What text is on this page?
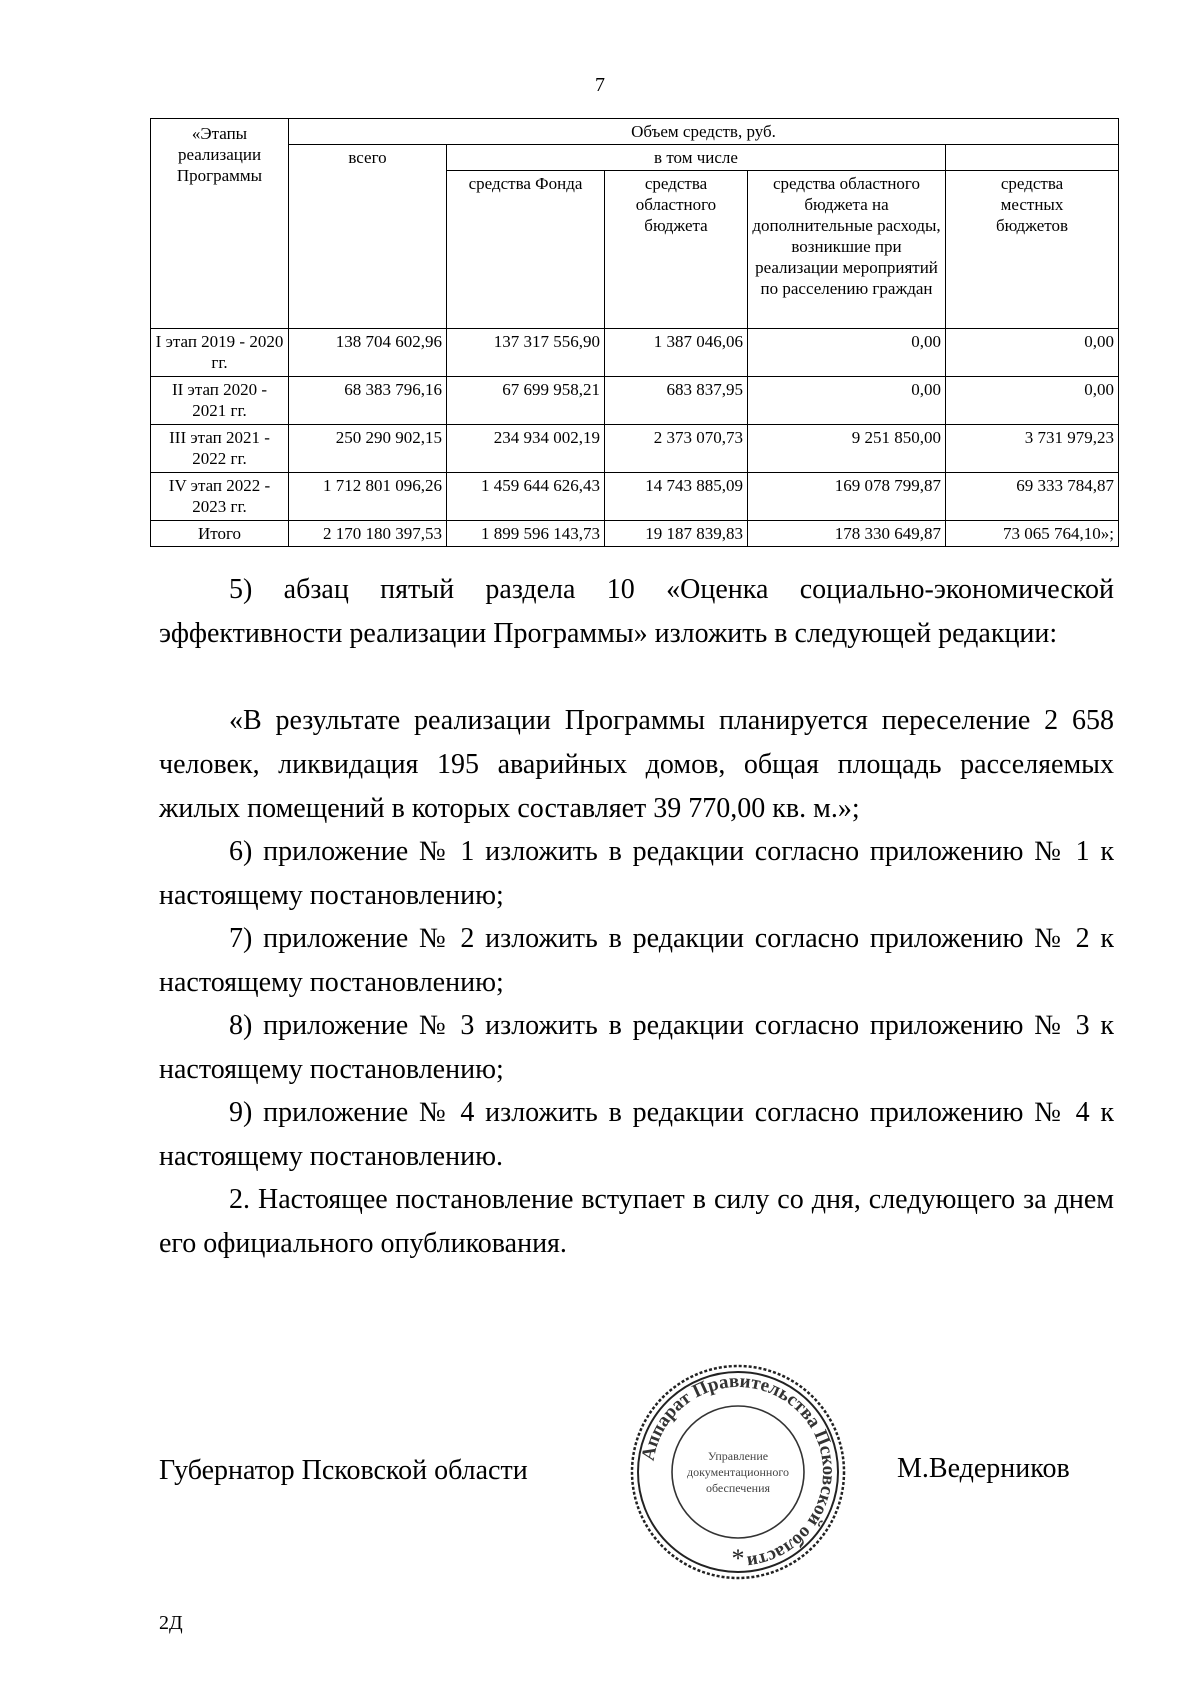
7
«Этапы реализации Программы	Объем средств, руб.				
	всего	в том числе			
		средства Фонда	средства областного бюджета	средства областного бюджета на дополнительные расходы, возникшие при реализации мероприятий по расселению граждан	средства местных бюджетов
I этап 2019 - 2020 гг.	138 704 602,96	137 317 556,90	1 387 046,06	0,00	0,00
II этап 2020 - 2021 гг.	68 383 796,16	67 699 958,21	683 837,95	0,00	0,00
III этап 2021 - 2022 гг.	250 290 902,15	234 934 002,19	2 373 070,73	9 251 850,00	3 731 979,23
IV этап 2022 - 2023 гг.	1 712 801 096,26	1 459 644 626,43	14 743 885,09	169 078 799,87	69 333 784,87
Итого	2 170 180 397,53	1 899 596 143,73	19 187 839,83	178 330 649,87	73 065 764,10»;
5) абзац пятый раздела 10 «Оценка социально-экономической эффективности реализации Программы» изложить в следующей редакции:
«В результате реализации Программы планируется переселение 2 658 человек, ликвидация 195 аварийных домов, общая площадь расселяемых жилых помещений в которых составляет 39 770,00 кв. м.»;
6) приложение № 1 изложить в редакции согласно приложению № 1 к настоящему постановлению;
7) приложение № 2 изложить в редакции согласно приложению № 2 к настоящему постановлению;
8) приложение № 3 изложить в редакции согласно приложению № 3 к настоящему постановлению;
9) приложение № 4 изложить в редакции согласно приложению № 4 к настоящему постановлению.
2. Настоящее постановление вступает в силу со дня, следующего за днем его официального опубликования.
Губернатор Псковской области	М.Ведерников
Аппарат Правительства Псковской области
Управление
документационного
обеспечения
*
2Д
